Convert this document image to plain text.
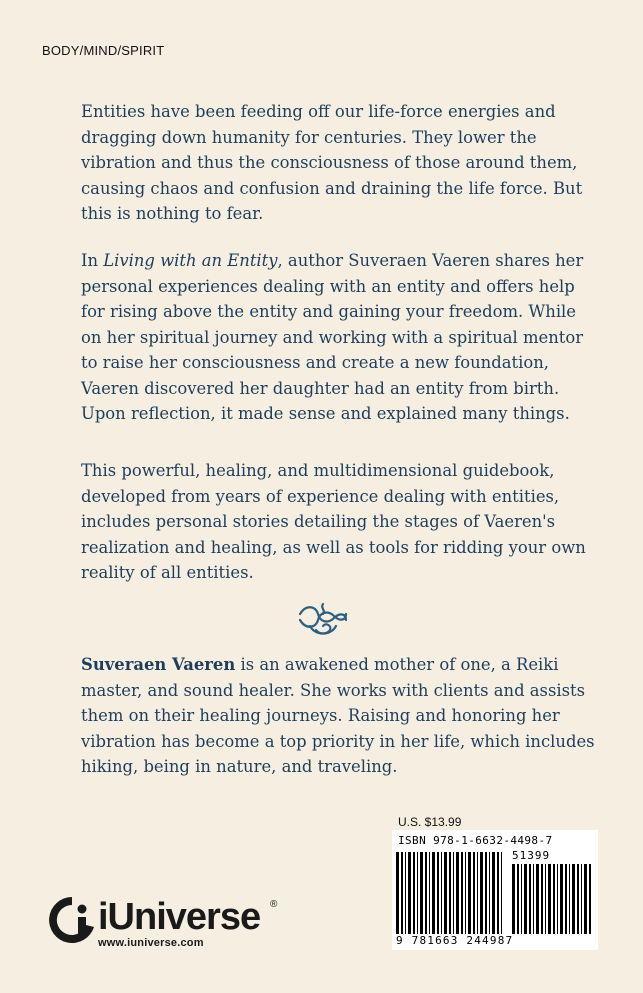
BODY/MIND/SPIRIT

Entities have been feeding off our life-force energies and dragging down humanity for centuries. They lower the vibration and thus the consciousness of those around them, causing chaos and confusion and draining the life force. But this is nothing to fear.

In Living with an Entity, author Suveraen Vaeren shares her personal experiences dealing with an entity and offers help for rising above the entity and gaining your freedom. While on her spiritual journey and working with a spiritual mentor to raise her consciousness and create a new foundation, Vaeren discovered her daughter had an entity from birth. Upon reflection, it made sense and explained many things.

This powerful, healing, and multidimensional guidebook, developed from years of experience dealing with entities, includes personal stories detailing the stages of Vaeren's realization and healing, as well as tools for ridding your own reality of all entities.

Suveraen Vaeren is an awakened mother of one, a Reiki master, and sound healer. She works with clients and assists them on their healing journeys. Raising and honoring her vibration has become a top priority in her life, which includes hiking, being in nature, and traveling.

iUniverse ®
www.iuniverse.com
U.S. $13.99
ISBN 978-1-6632-4498-7
51399
9 781663 244987
